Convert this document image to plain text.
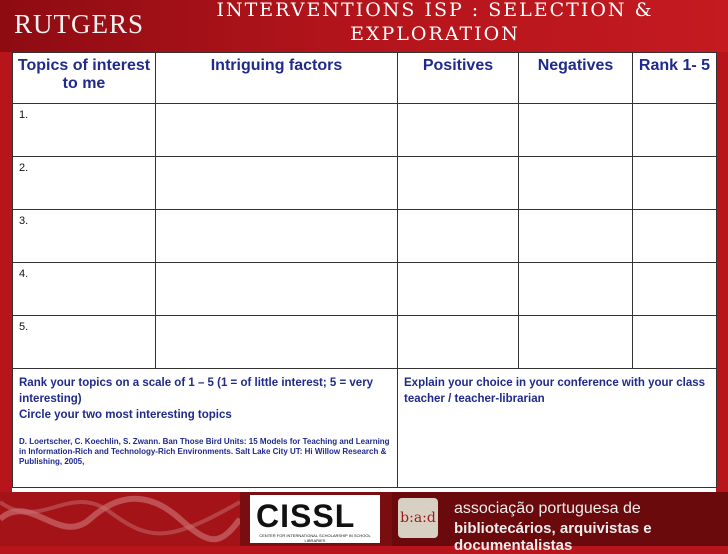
RUTGERS	INTERVENTIONS ISP : SELECTION &
EXPLORATION
Topics of interest to me	Intriguing factors	Positives	Negatives	Rank 1- 5

1.				

2.				

3.				

4.				

5.				

Rank your topics on a scale of 1 – 5 (1 = of little interest; 5 = very interesting)
Circle your two most interesting topics
D. Loertscher, C. Koechlin, S. Zwann. Ban Those Bird Units: 15 Models for Teaching and Learning in Information-Rich and Technology-Rich Environments. Salt Lake City UT: Hi Willow Research & Publishing, 2005,		Explain your choice in your conference with your class teacher / teacher-librarian		
CISSL
CENTER FOR INTERNATIONAL SCHOLARSHIP IN SCHOOL LIBRARIES
b:a:d
associação portuguesa de
bibliotecários, arquivistas e documentalistas
